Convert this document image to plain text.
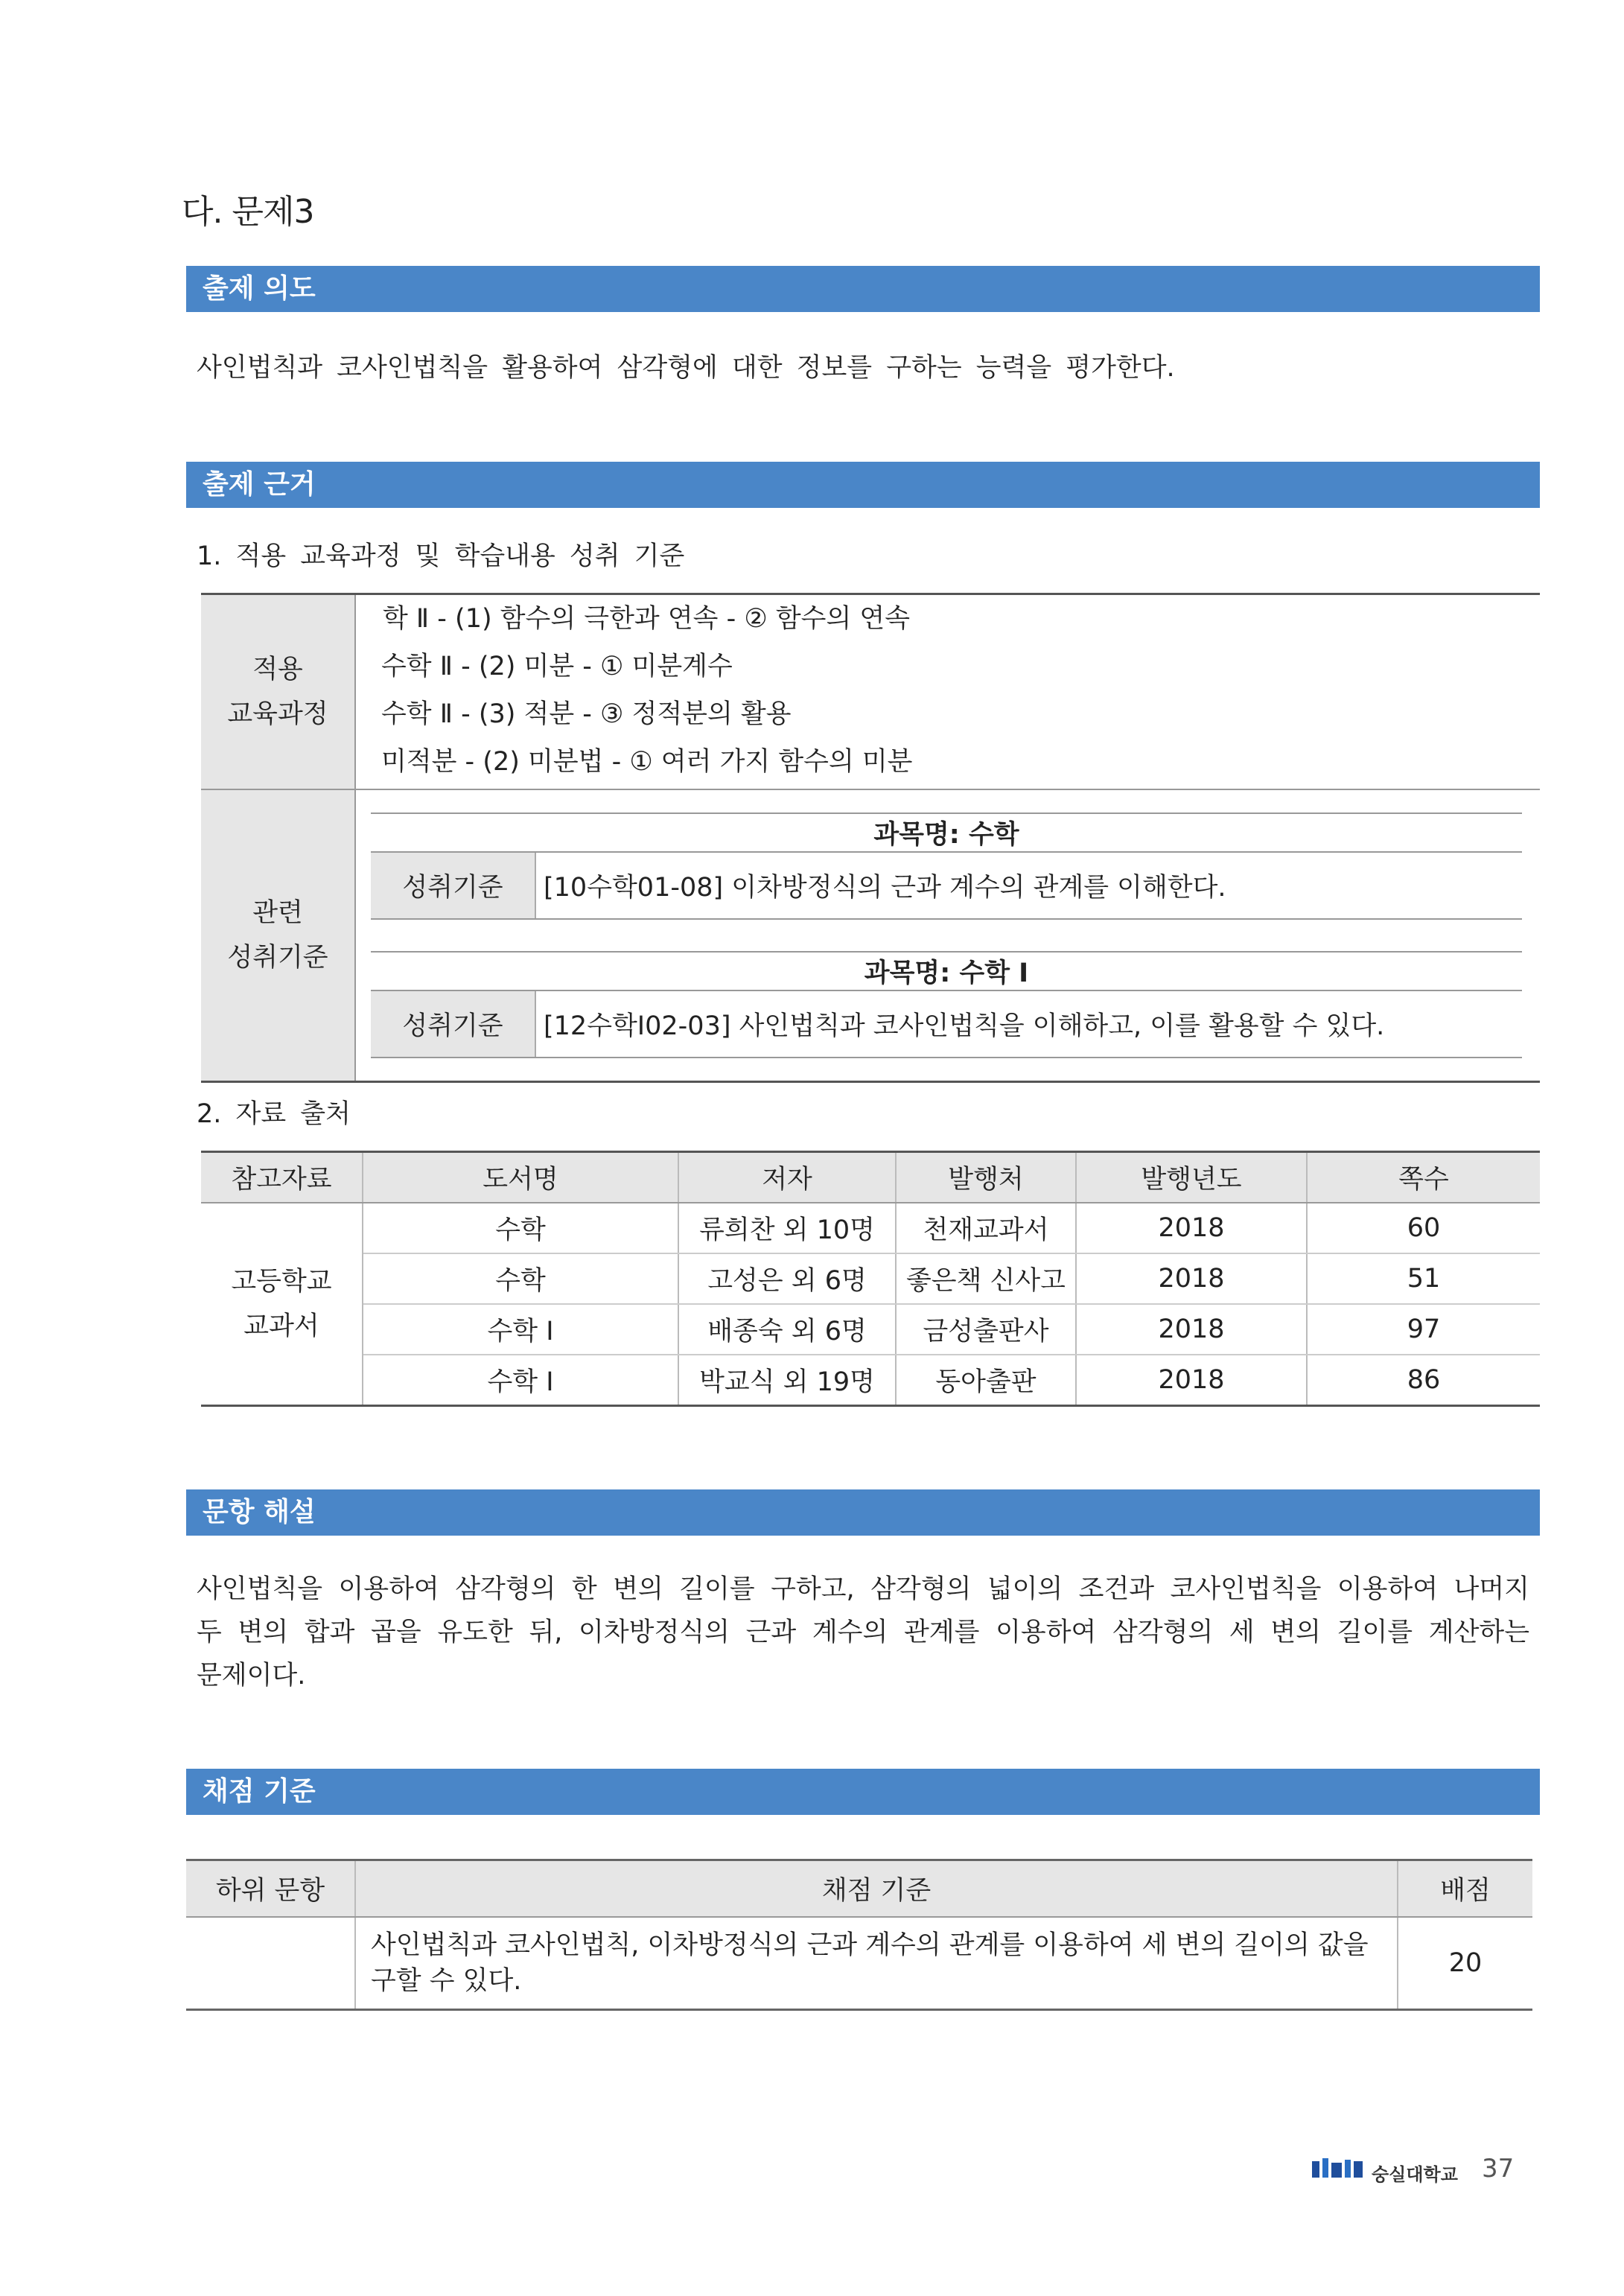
다. 문제3
출제 의도
사인법칙과 코사인법칙을 활용하여 삼각형에 대한 정보를 구하는 능력을 평가한다.
출제 근거
1. 적용 교육과정 및 학습내용 성취 기준
적용
교육과정

학 Ⅱ - (1) 함수의 극한과 연속 - ② 함수의 연속
수학 Ⅱ - (2) 미분 - ① 미분계수
수학 Ⅱ - (3) 적분 - ③ 정적분의 활용
미적분 - (2) 미분법 - ① 여러 가지 함수의 미분

관련
성취기준

과목명: 수학
성취기준	[10수학01-08] 이차방정식의 근과 계수의 관계를 이해한다.
과목명: 수학 Ⅰ
성취기준	[12수학Ⅰ02-03] 사인법칙과 코사인법칙을 이해하고, 이를 활용할 수 있다.
2. 자료 출처
참고자료	도서명	저자	발행처	발행년도	쪽수

고등학교
교과서	수학	류희찬 외 10명	천재교과서	2018	60
	수학	고성은 외 6명	좋은책 신사고	2018	51
	수학 Ⅰ	배종숙 외 6명	금성출판사	2018	97
	수학 Ⅰ	박교식 외 19명	동아출판	2018	86
문항 해설
사인법칙을 이용하여 삼각형의 한 변의 길이를 구하고, 삼각형의 넓이의 조건과 코사인법칙을 이용하여 나머지 두 변의 합과 곱을 유도한 뒤, 이차방정식의 근과 계수의 관계를 이용하여 삼각형의 세 변의 길이를 계산하는 문제이다.
채점 기준
하위 문항	채점 기준	배점
	사인법칙과 코사인법칙, 이차방정식의 근과 계수의 관계를 이용하여 세 변의 길이의 값을 구할 수 있다.	20
숭실대학교 37
